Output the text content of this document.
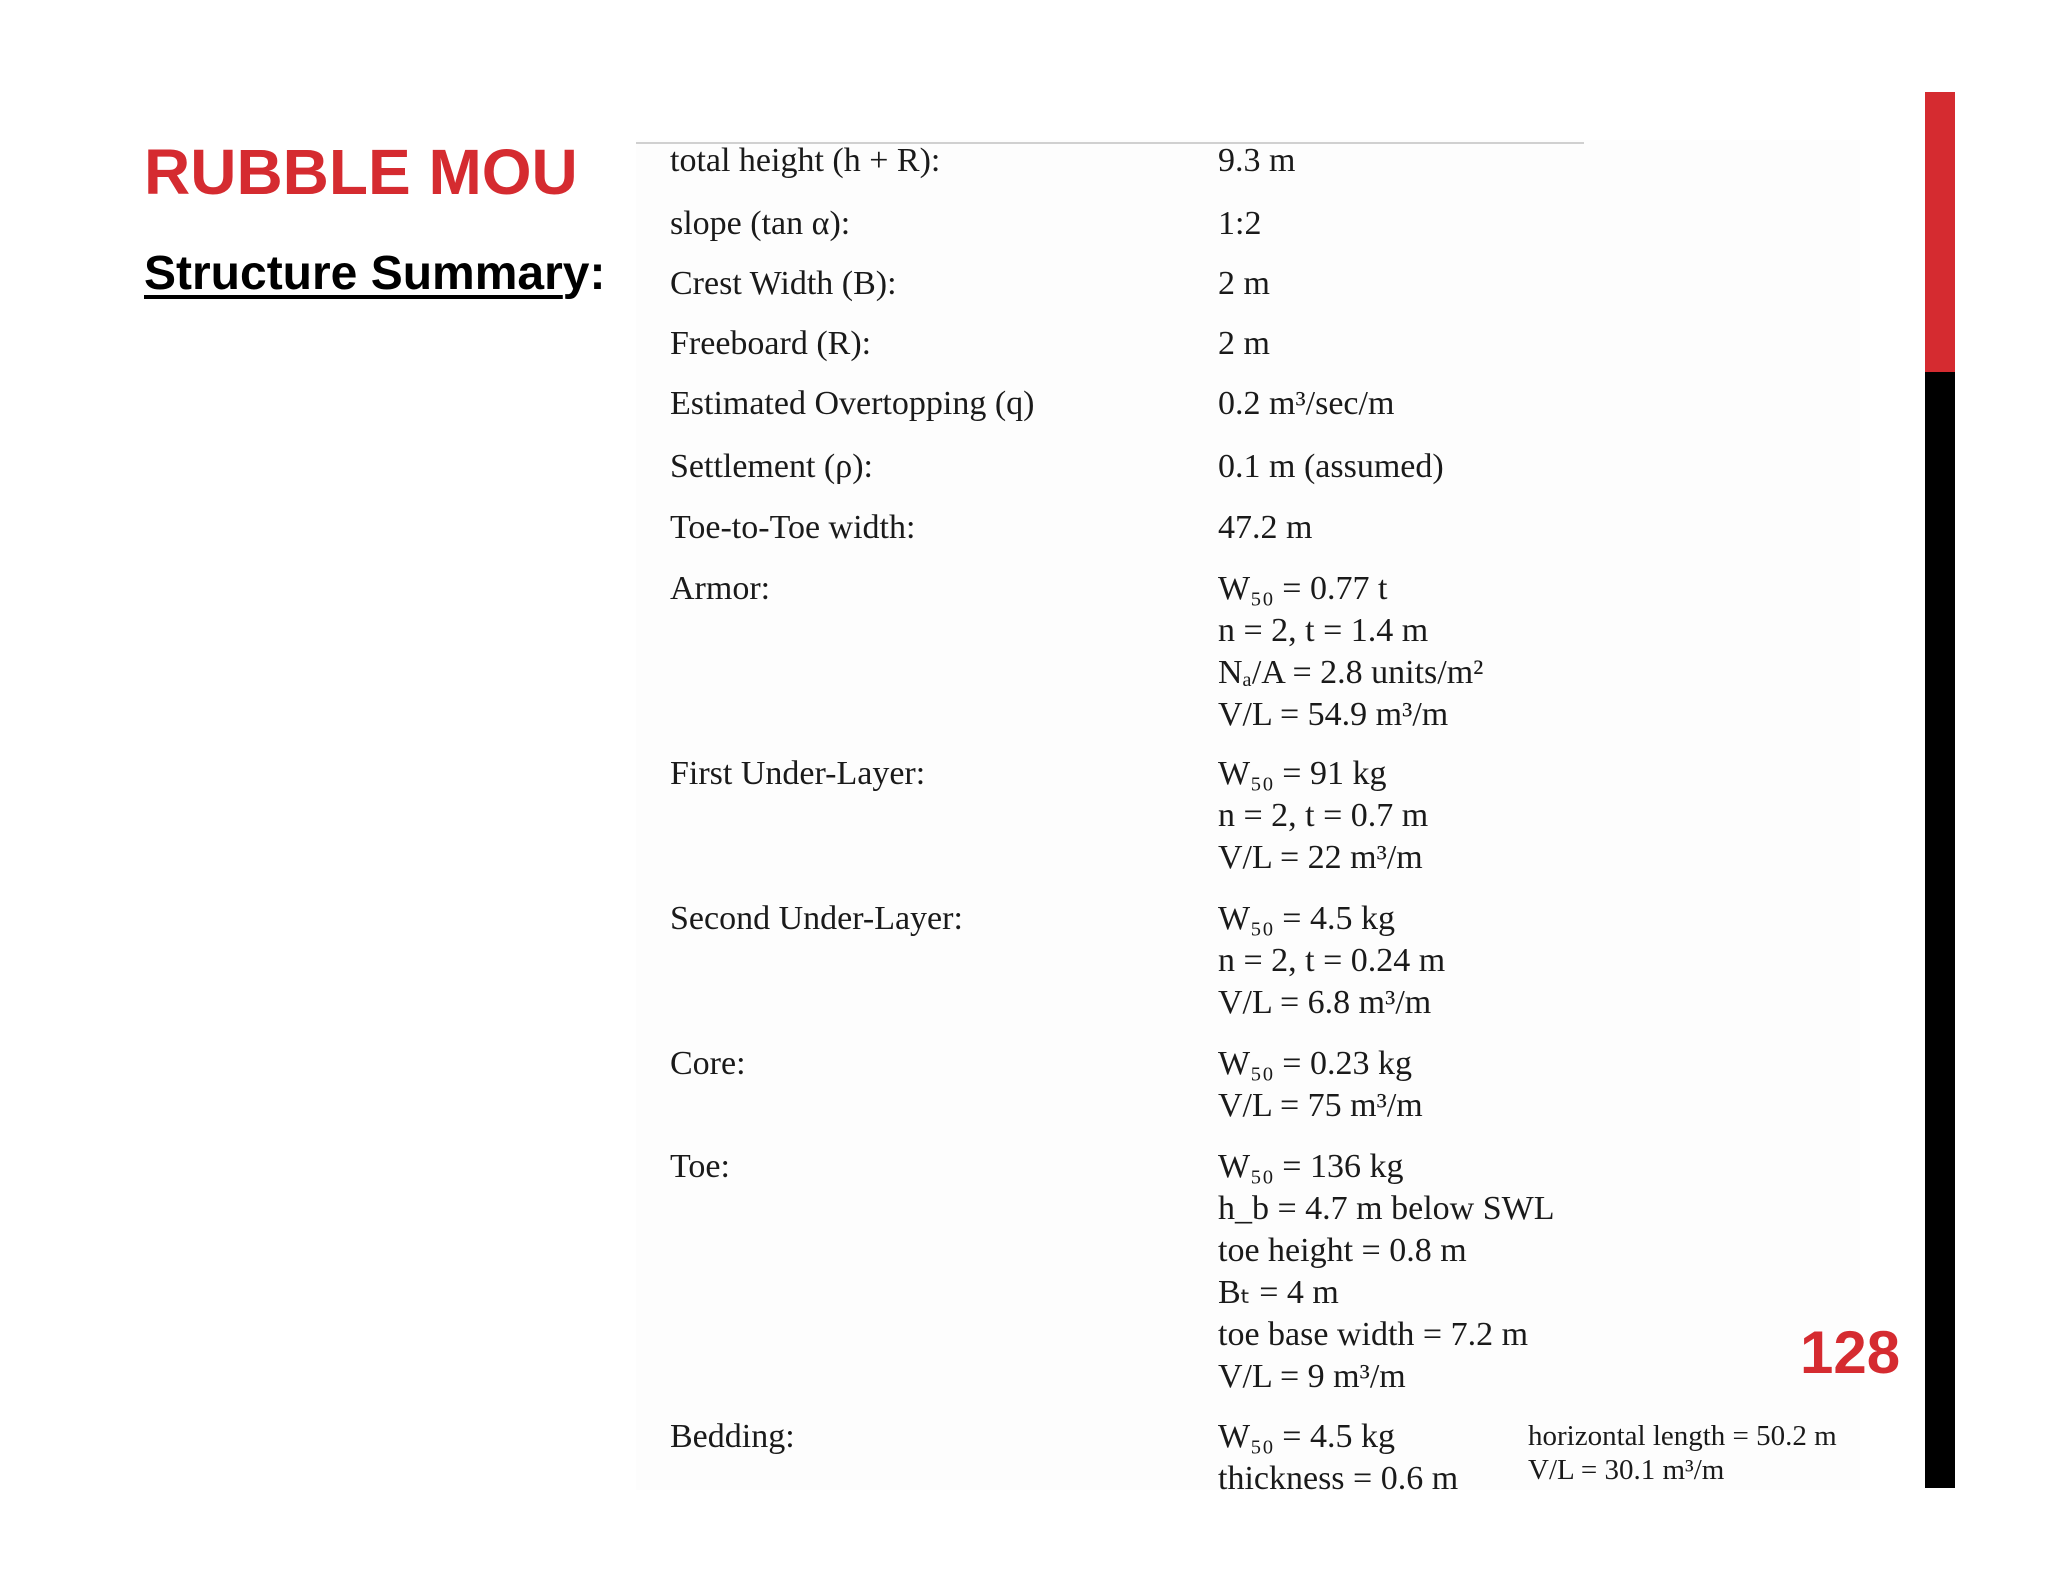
RUBBLE MOU
Structure Summary:
total height (h + R):	9.3 m
slope (tan α):	1:2
Crest Width (B):	2 m
Freeboard (R):	2 m
Estimated Overtopping (q)	0.2 m³/sec/m
Settlement (ρ):	0.1 m (assumed)
Toe-to-Toe width:	47.2 m
Armor:	W₅₀ = 0.77 t
n = 2, t = 1.4 m
Nₐ/A = 2.8 units/m²
V/L = 54.9 m³/m
First Under-Layer:	W₅₀ = 91 kg
n = 2, t = 0.7 m
V/L = 22 m³/m
Second Under-Layer:	W₅₀ = 4.5 kg
n = 2, t = 0.24 m
V/L = 6.8 m³/m
Core:	W₅₀ = 0.23 kg
V/L = 75 m³/m
Toe:	W₅₀ = 136 kg
h_b = 4.7 m below SWL
toe height = 0.8 m
Bₜ = 4 m
toe base width = 7.2 m
V/L = 9 m³/m
Bedding:	W₅₀ = 4.5 kg
thickness = 0.6 m
horizontal length = 50.2 m
V/L = 30.1 m³/m
128
